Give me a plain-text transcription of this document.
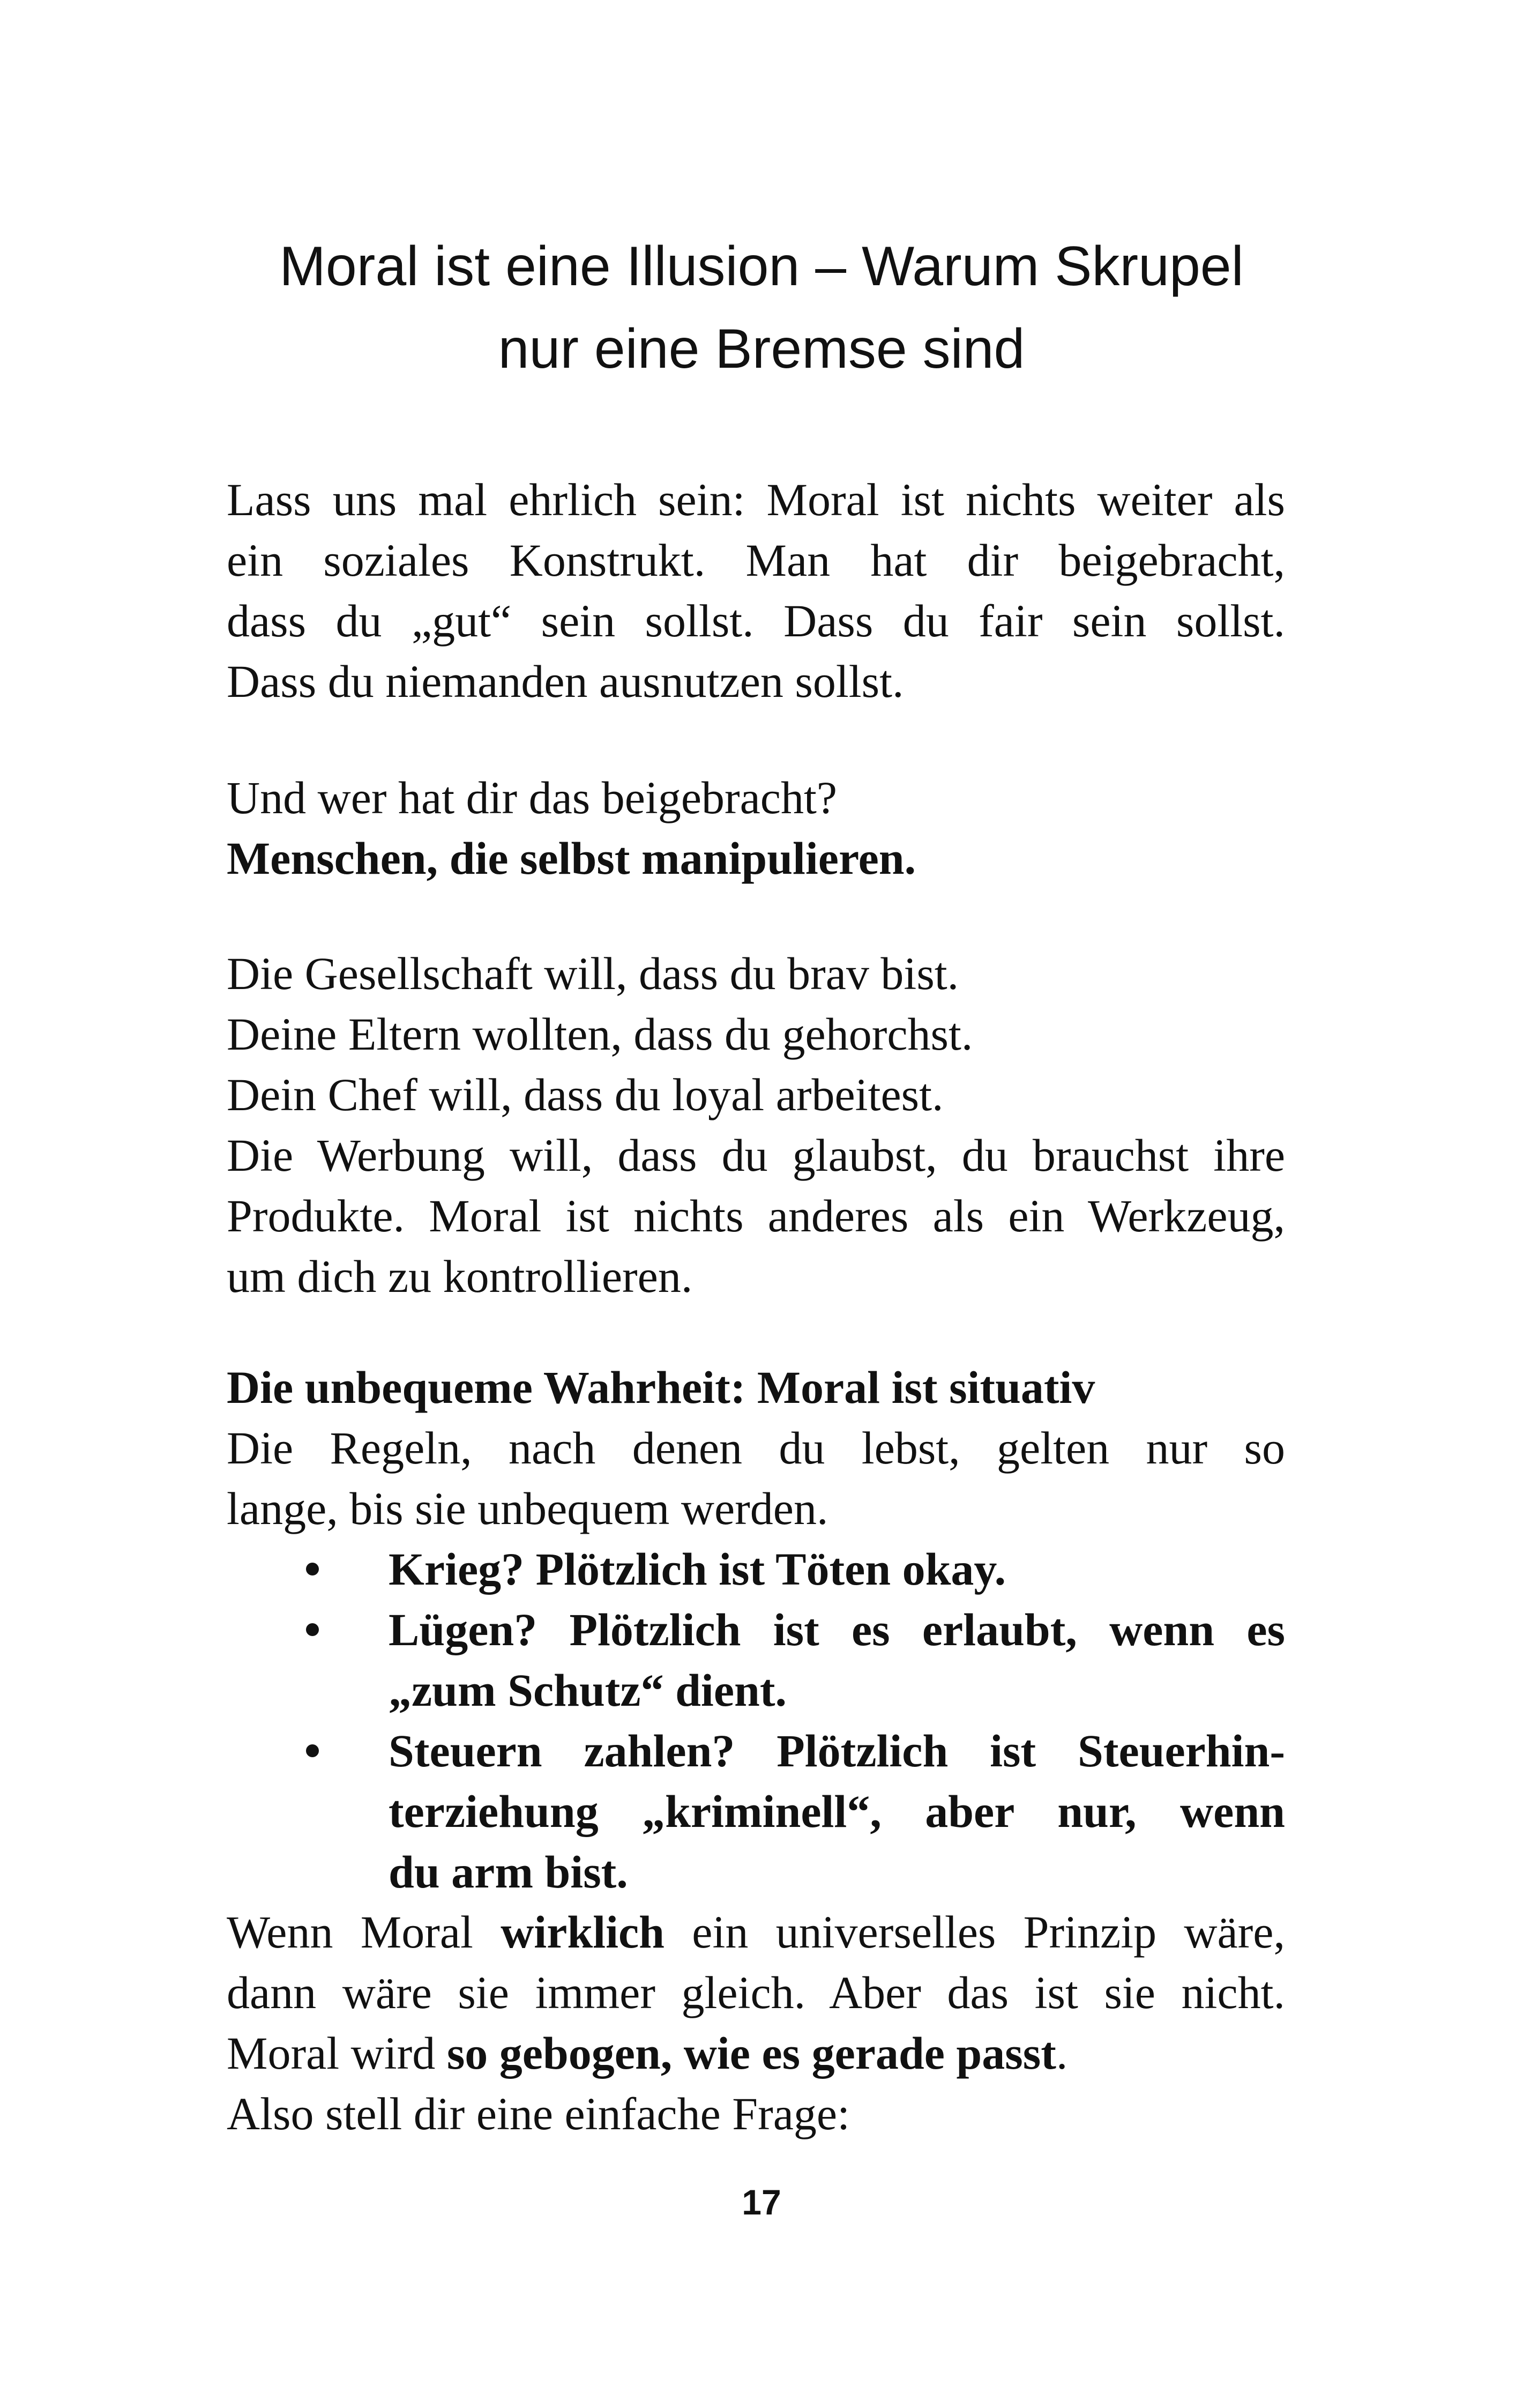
Moral ist eine Illusion – Warum Skrupel
nur eine Bremse sind
Lass uns mal ehrlich sein: Moral ist nichts weiter als
ein soziales Konstrukt. Man hat dir beigebracht,
dass du „gut“ sein sollst. Dass du fair sein sollst.
Dass du niemanden ausnutzen sollst.
Und wer hat dir das beigebracht?
Menschen, die selbst manipulieren.
Die Gesellschaft will, dass du brav bist.
Deine Eltern wollten, dass du gehorchst.
Dein Chef will, dass du loyal arbeitest.
Die Werbung will, dass du glaubst, du brauchst ihre
Produkte. Moral ist nichts anderes als ein Werkzeug,
um dich zu kontrollieren.
Die unbequeme Wahrheit: Moral ist situativ
Die Regeln, nach denen du lebst, gelten nur so
lange, bis sie unbequem werden.
Krieg? Plötzlich ist Töten okay.
Lügen? Plötzlich ist es erlaubt, wenn es
„zum Schutz“ dient.
Steuern zahlen? Plötzlich ist Steuerhin-
terziehung „kriminell“, aber nur, wenn
du arm bist.
Wenn Moral wirklich ein universelles Prinzip wäre,
dann wäre sie immer gleich. Aber das ist sie nicht.
Moral wird so gebogen, wie es gerade passt.
Also stell dir eine einfache Frage:
17
